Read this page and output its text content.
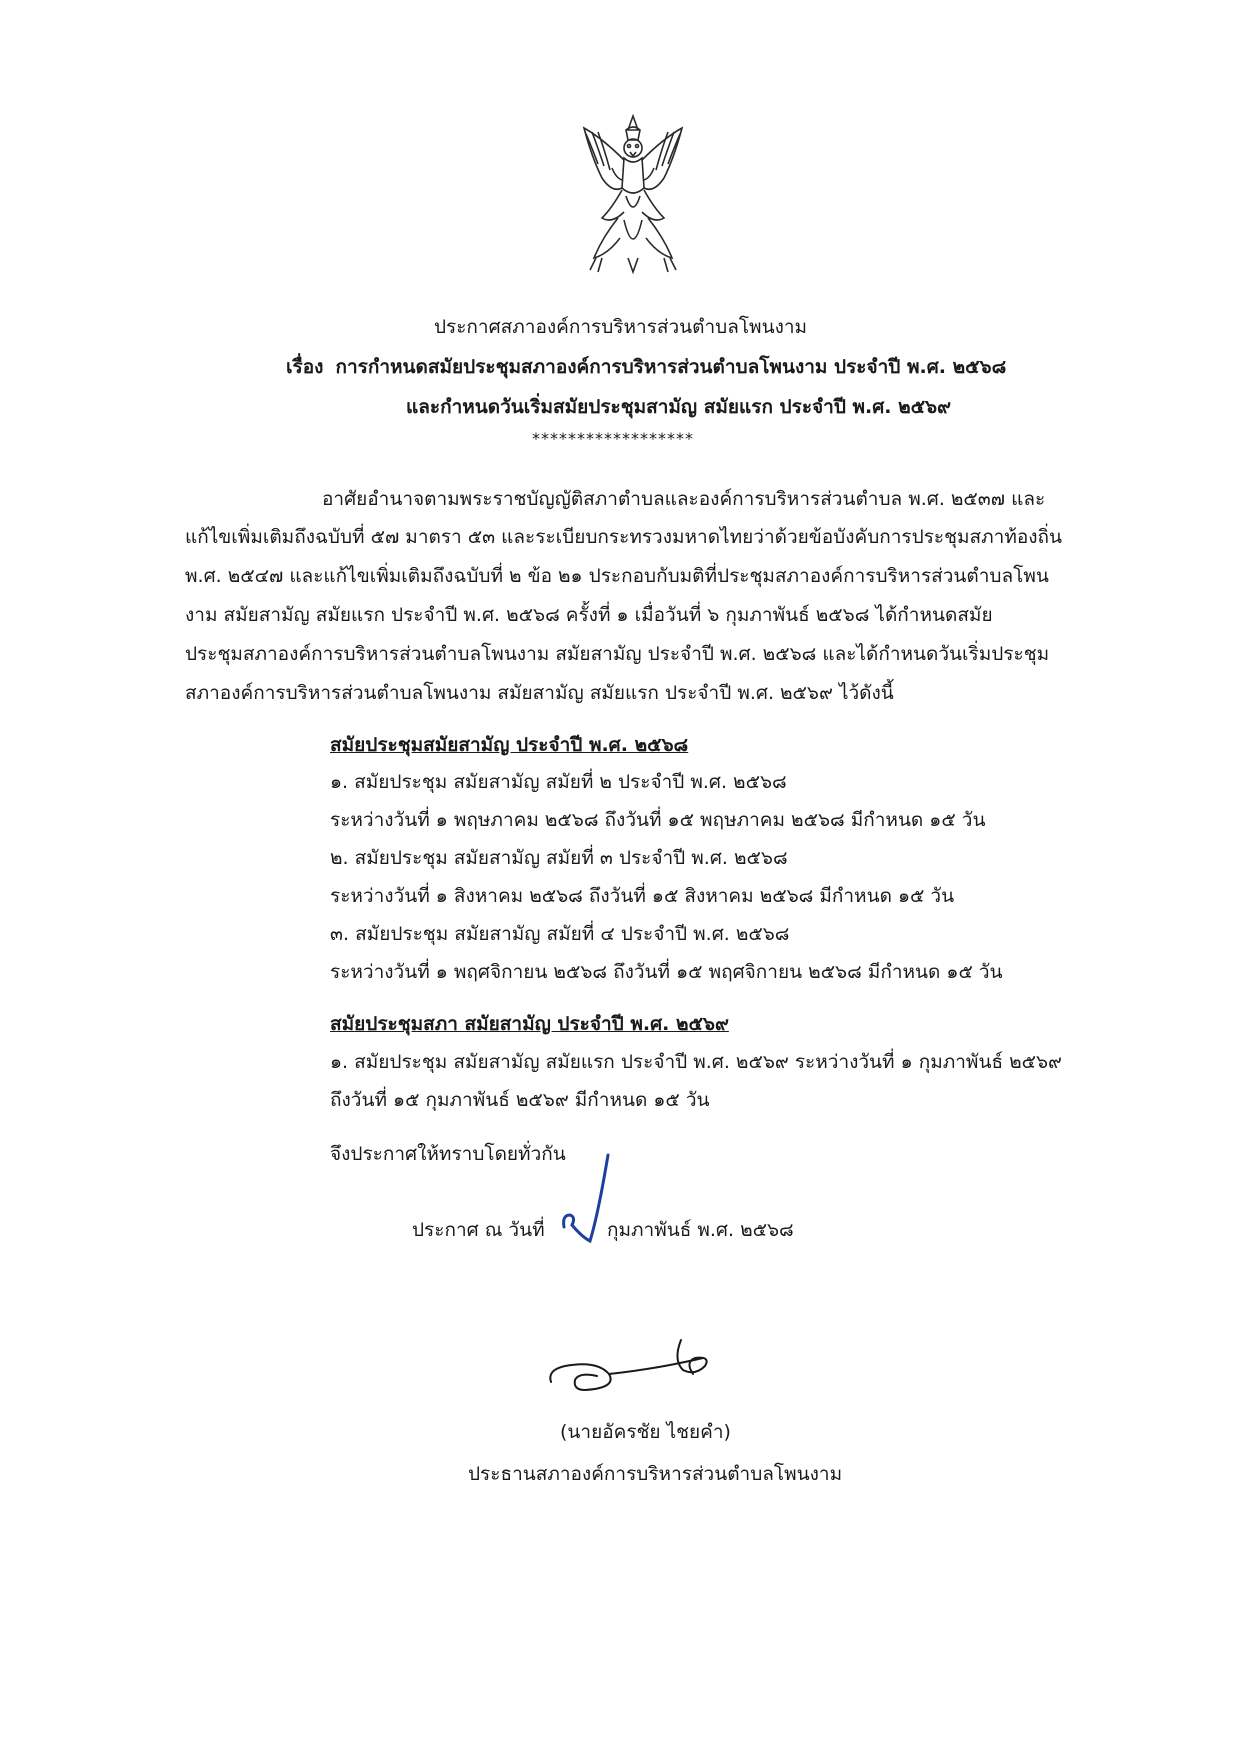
ประกาศสภาองค์การบริหารส่วนตำบลโพนงาม
เรื่อง การกำหนดสมัยประชุมสภาองค์การบริหารส่วนตำบลโพนงาม ประจำปี พ.ศ. ๒๕๖๘
และกำหนดวันเริ่มสมัยประชุมสามัญ สมัยแรก ประจำปี พ.ศ. ๒๕๖๙
******************
อาศัยอำนาจตามพระราชบัญญัติสภาตำบลและองค์การบริหารส่วนตำบล พ.ศ. ๒๕๓๗ และ
แก้ไขเพิ่มเติมถึงฉบับที่ ๕๗ มาตรา ๕๓ และระเบียบกระทรวงมหาดไทยว่าด้วยข้อบังคับการประชุมสภาท้องถิ่น
พ.ศ. ๒๕๔๗ และแก้ไขเพิ่มเติมถึงฉบับที่ ๒ ข้อ ๒๑ ประกอบกับมติที่ประชุมสภาองค์การบริหารส่วนตำบลโพน
งาม สมัยสามัญ สมัยแรก ประจำปี พ.ศ. ๒๕๖๘ ครั้งที่ ๑ เมื่อวันที่ ๖ กุมภาพันธ์ ๒๕๖๘ ได้กำหนดสมัย
ประชุมสภาองค์การบริหารส่วนตำบลโพนงาม สมัยสามัญ ประจำปี พ.ศ. ๒๕๖๘ และได้กำหนดวันเริ่มประชุม
สภาองค์การบริหารส่วนตำบลโพนงาม สมัยสามัญ สมัยแรก ประจำปี พ.ศ. ๒๕๖๙ ไว้ดังนี้
สมัยประชุมสมัยสามัญ ประจำปี พ.ศ. ๒๕๖๘
๑. สมัยประชุม สมัยสามัญ สมัยที่ ๒ ประจำปี พ.ศ. ๒๕๖๘
ระหว่างวันที่ ๑ พฤษภาคม ๒๕๖๘ ถึงวันที่ ๑๕ พฤษภาคม ๒๕๖๘ มีกำหนด ๑๕ วัน
๒. สมัยประชุม สมัยสามัญ สมัยที่ ๓ ประจำปี พ.ศ. ๒๕๖๘
ระหว่างวันที่ ๑ สิงหาคม ๒๕๖๘ ถึงวันที่ ๑๕ สิงหาคม ๒๕๖๘ มีกำหนด ๑๕ วัน
๓. สมัยประชุม สมัยสามัญ สมัยที่ ๔ ประจำปี พ.ศ. ๒๕๖๘
ระหว่างวันที่ ๑ พฤศจิกายน ๒๕๖๘ ถึงวันที่ ๑๕ พฤศจิกายน ๒๕๖๘ มีกำหนด ๑๕ วัน
สมัยประชุมสภา สมัยสามัญ ประจำปี พ.ศ. ๒๕๖๙
๑. สมัยประชุม สมัยสามัญ สมัยแรก ประจำปี พ.ศ. ๒๕๖๙ ระหว่างวันที่ ๑ กุมภาพันธ์ ๒๕๖๙
ถึงวันที่ ๑๕ กุมภาพันธ์ ๒๕๖๙ มีกำหนด ๑๕ วัน
จึงประกาศให้ทราบโดยทั่วกัน
ประกาศ ณ วันที่	กุมภาพันธ์ พ.ศ. ๒๕๖๘
(นายอัครชัย ไชยคำ)
ประธานสภาองค์การบริหารส่วนตำบลโพนงาม
